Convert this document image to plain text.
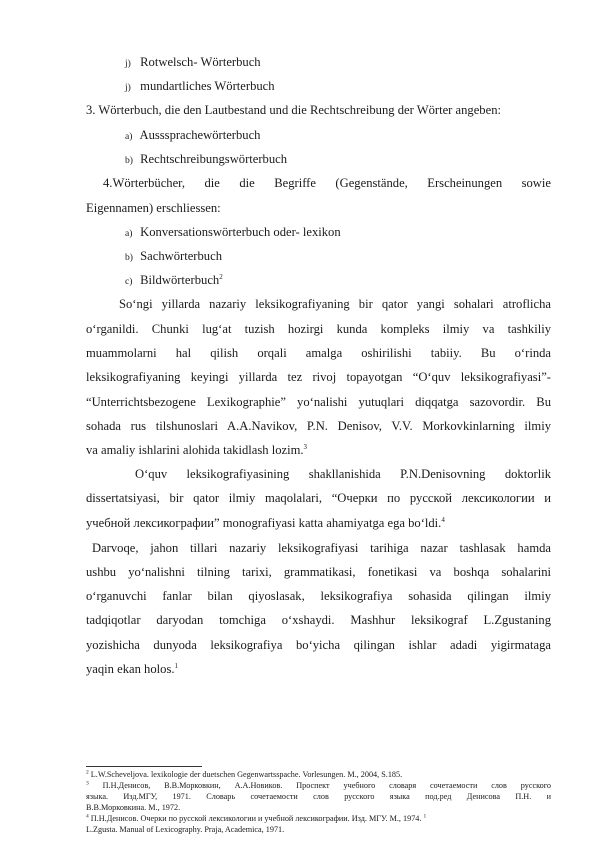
j) Rotwelsch- Wörterbuch
j) mundartliches Wörterbuch
3. Wörterbuch, die den Lautbestand und die Rechtschreibung der Wörter angeben:
a) Ausssprachewörterbuch
b) Rechtschreibungswörterbuch
4.Wörterbücher, die die Begriffe (Gegenstände, Erscheinungen sowie
Eigennamen) erschliessen:
a) Konversationswörterbuch oder- lexikon
b) Sachwörterbuch
c) Bildwörterbuch$^2$
So‘ngi yillarda nazariy leksikografiyaning bir qator yangi sohalari atroflicha
o‘rganildi. Chunki lug‘at tuzish hozirgi kunda kompleks ilmiy va tashkiliy
muammolarni hal qilish orqali amalga oshirilishi tabiiy. Bu o‘rinda
leksikografiyaning keyingi yillarda tez rivoj topayotgan “O‘quv leksikografiyasi”-
“Unterrichtsbezogene Lexikographie” yo‘nalishi yutuqlari diqqatga sazovordir. Bu
sohada rus tilshunoslari A.A.Navikov, P.N. Denisov, V.V. Morkovkinlarning ilmiy
va amaliy ishlarini alohida takidlash lozim.$^3$
O‘quv leksikografiyasining shakllanishida P.N.Denisovning doktorlik
dissertatsiyasi, bir qator ilmiy maqolalari, “Очерки по русской лексикологии и
учебной лексикографии” monografiyasi katta ahamiyatga ega bo‘ldi.$^4$
Darvoqe, jahon tillari nazariy leksikografiyasi tarihiga nazar tashlasak hamda
ushbu yo‘nalishni tilning tarixi, grammatikasi, fonetikasi va boshqa sohalarini
o‘rganuvchi fanlar bilan qiyoslasak, leksikografiya sohasida qilingan ilmiy
tadqiqotlar daryodan tomchiga o‘xshaydi. Mashhur leksikograf L.Zgustaning
yozishicha dunyoda leksikografiya bo‘yicha qilingan ishlar adadi yigirmataga
yaqin ekan holos.$^1$
$^2$ L.W.Scheveljova. lexikologie der duetschen Gegenwartsspache. Vorlesungen. M., 2004, S.185.
$^3$ П.Н.Денисов, В.В.Морковкин, А.А.Новиков. Проспект учебного словаря сочетаемости слов русского
языка. Изд.МГУ, 1971. Словарь сочетаемости слов русского языка под.ред Денисова П.Н. и
В.В.Морковкина. М., 1972.
$^4$ П.Н.Денисов. Очерки по русской лексикологии и учебной лексикографии. Изд. МГУ. М., 1974. $^1$
L.Zgusta. Manual of Lexicography. Praja, Academica, 1971.
